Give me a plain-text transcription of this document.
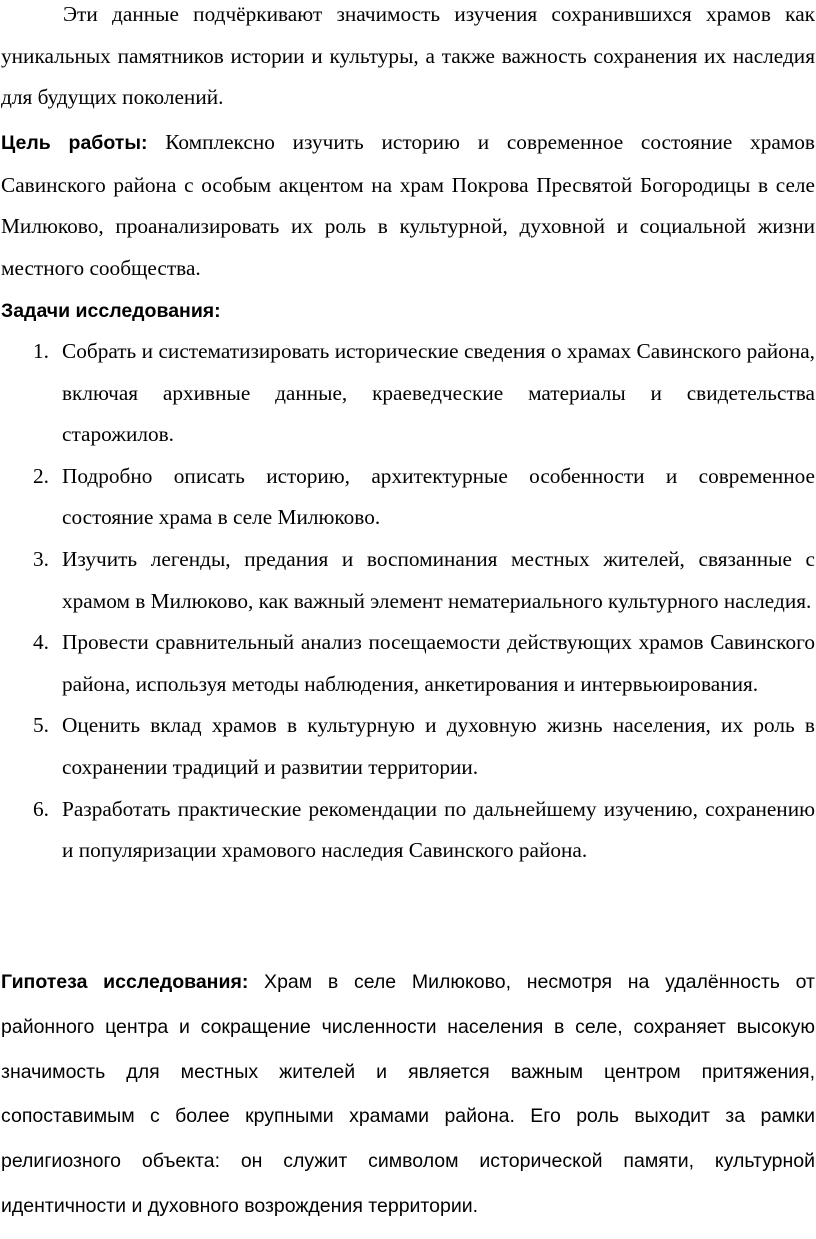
Эти данные подчёркивают значимость изучения сохранившихся храмов как уникальных памятников истории и культуры, а также важность сохранения их наследия для будущих поколений.

Цель работы: Комплексно изучить историю и современное состояние храмов Савинского района с особым акцентом на храм Покрова Пресвятой Богородицы в селе Милюково, проанализировать их роль в культурной, духовной и социальной жизни местного сообщества.

Задачи исследования:

1. Собрать и систематизировать исторические сведения о храмах Савинского района, включая архивные данные, краеведческие материалы и свидетельства старожилов.
2. Подробно описать историю, архитектурные особенности и современное состояние храма в селе Милюково.
3. Изучить легенды, предания и воспоминания местных жителей, связанные с храмом в Милюково, как важный элемент нематериального культурного наследия.
4. Провести сравнительный анализ посещаемости действующих храмов Савинского района, используя методы наблюдения, анкетирования и интервьюирования.
5. Оценить вклад храмов в культурную и духовную жизнь населения, их роль в сохранении традиций и развитии территории.
6. Разработать практические рекомендации по дальнейшему изучению, сохранению и популяризации храмового наследия Савинского района.

Гипотеза исследования: Храм в селе Милюково, несмотря на удалённость от районного центра и сокращение численности населения в селе, сохраняет высокую значимость для местных жителей и является важным центром притяжения, сопоставимым с более крупными храмами района. Его роль выходит за рамки религиозного объекта: он служит символом исторической памяти, культурной идентичности и духовного возрождения территории.
